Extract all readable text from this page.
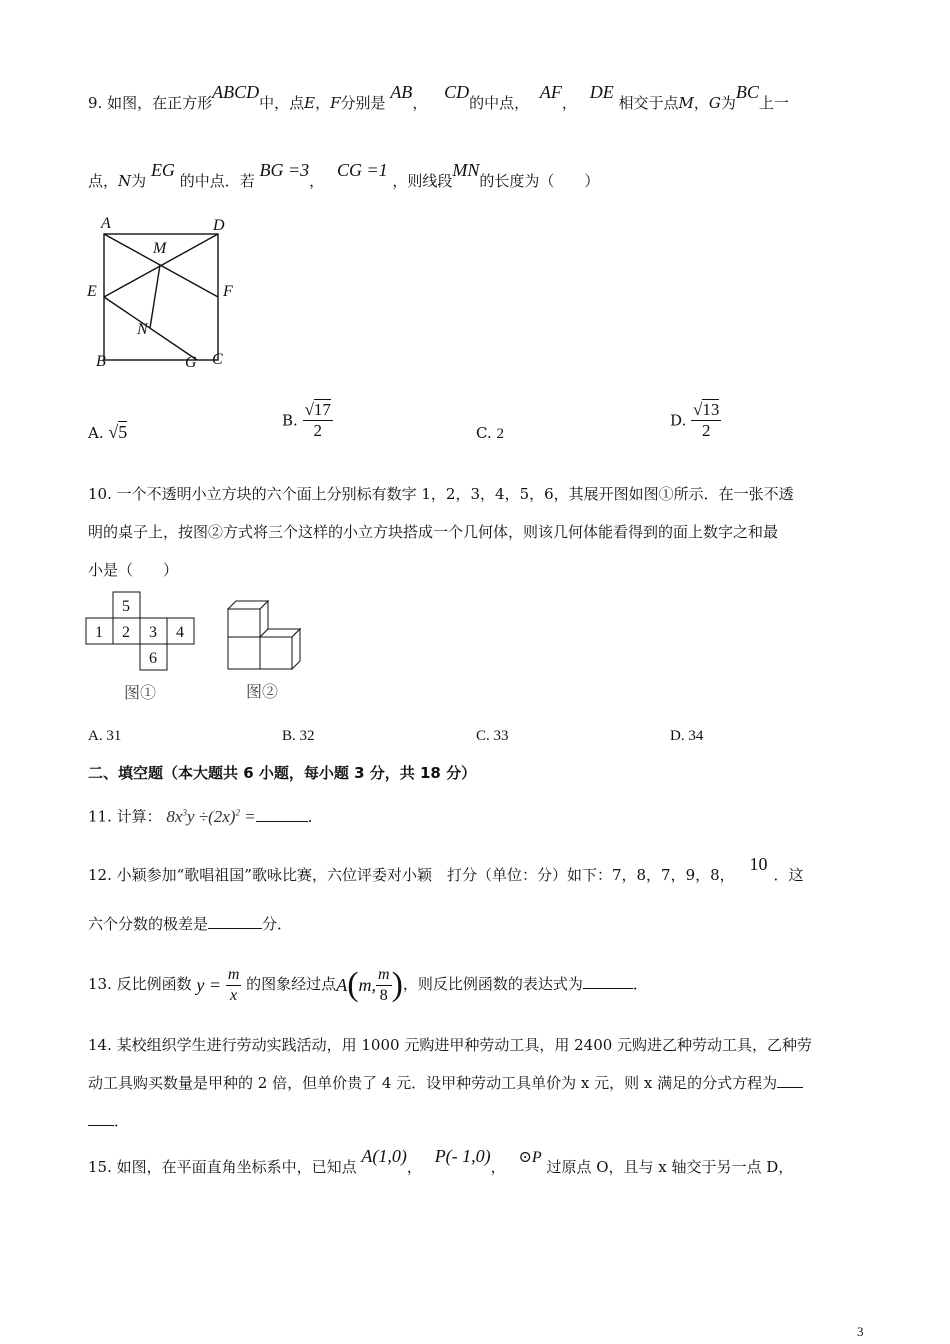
9. 如图，在正方形ABCD中，点E，F分别是 AB， CD的中点， AF， DE 相交于点M，G为BC上一
点，N为 EG 的中点．若 BG =3， CG =1 ，则线段MN的长度为（　　）
A	D
M
E	F
N
B	G C
A. √5
B. $\frac{√17}{2}$	C. 2
D. $\frac{√13}{2}$
10. 一个不透明小立方块的六个面上分别标有数字 1，2，3，4，5，6，其展开图如图①所示．在一张不透
明的桌子上，按图②方式将三个这样的小立方块搭成一个几何体，则该几何体能看得到的面上数字之和最
小是（　　）
5
1 2 3 4
6
图①	图②
A. 31	B. 32	C. 33	D. 34
二、填空题（本大题共 6 小题，每小题 3 分，共 18 分）
11. 计算： $8x^3y \div(2x)^2$ =	．
12. 小颖参加“歌唱祖国”歌咏比赛，六位评委对小颖　打分（单位：分）如下：7，8，7，9，8， 10．这
六个分数的极差是	分．
13. 反比例函数 $y = \frac{m}{x}$ 的图象经过点A(m, $\frac{m}{8}$ )，则反比例函数的表达式为	．
14. 某校组织学生进行劳动实践活动，用 1000 元购进甲种劳动工具，用 2400 元购进乙种劳动工具，乙种劳
动工具购买数量是甲种的 2 倍，但单价贵了 4 元．设甲种劳动工具单价为 x 元，则 x 满足的分式方程为
．
15. 如图，在平面直角坐标系中，已知点 A(1,0)， P(- 1,0)， ⊙P 过原点 O，且与 x 轴交于另一点 D，
3
